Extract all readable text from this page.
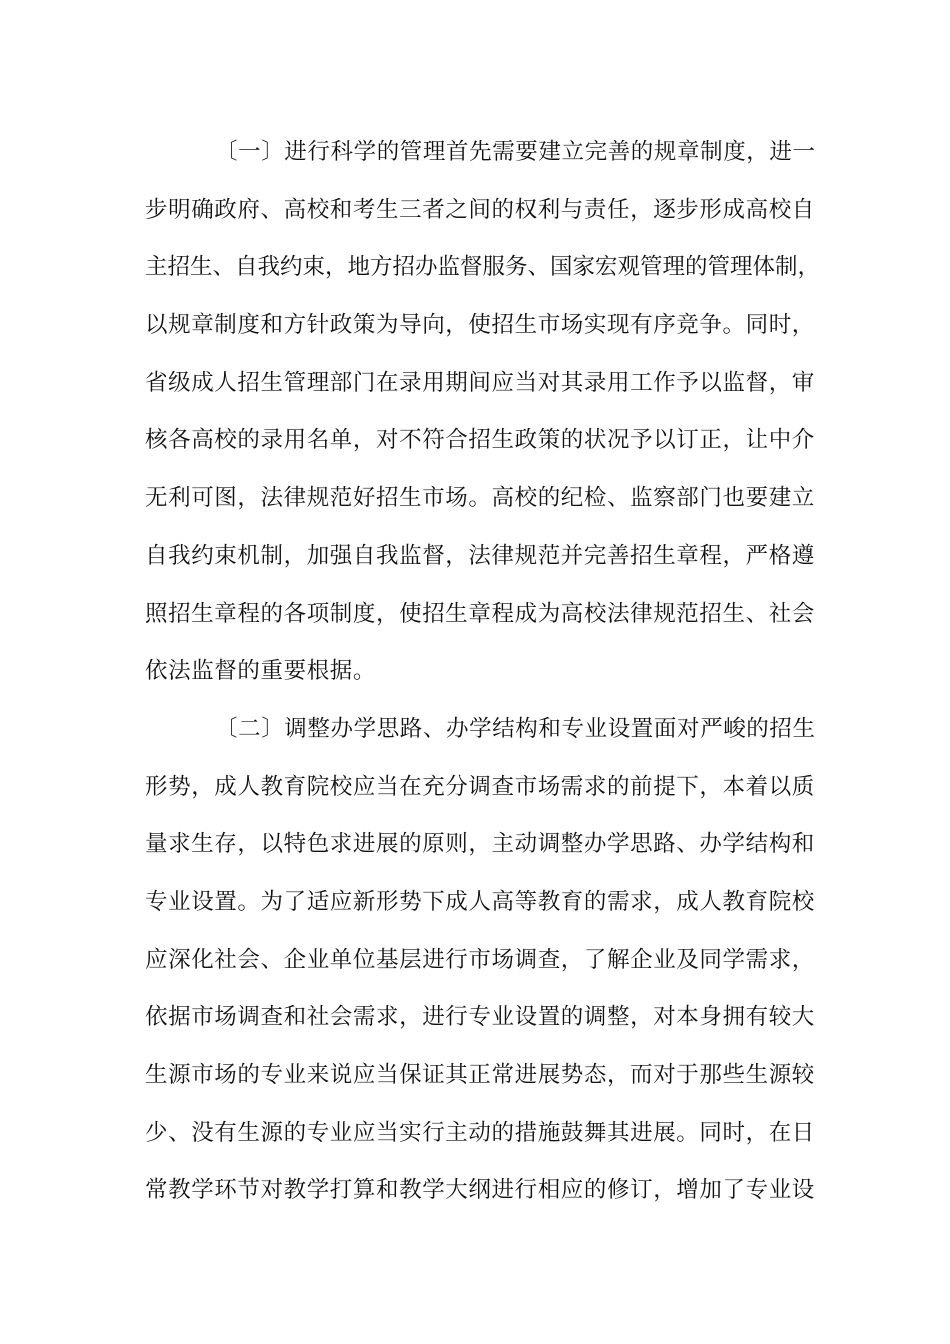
〔一〕进行科学的管理首先需要建立完善的规章制度，进一
步明确政府、高校和考生三者之间的权利与责任，逐步形成高校自
主招生、自我约束，地方招办监督服务、国家宏观管理的管理体制，
以规章制度和方针政策为导向，使招生市场实现有序竞争。同时，
省级成人招生管理部门在录用期间应当对其录用工作予以监督，审
核各高校的录用名单，对不符合招生政策的状况予以订正，让中介
无利可图，法律规范好招生市场。高校的纪检、监察部门也要建立
自我约束机制，加强自我监督，法律规范并完善招生章程，严格遵
照招生章程的各项制度，使招生章程成为高校法律规范招生、社会
依法监督的重要根据。
〔二〕调整办学思路、办学结构和专业设置面对严峻的招生
形势，成人教育院校应当在充分调查市场需求的前提下，本着以质
量求生存，以特色求进展的原则，主动调整办学思路、办学结构和
专业设置。为了适应新形势下成人高等教育的需求，成人教育院校
应深化社会、企业单位基层进行市场调查，了解企业及同学需求，
依据市场调查和社会需求，进行专业设置的调整，对本身拥有较大
生源市场的专业来说应当保证其正常进展势态，而对于那些生源较
少、没有生源的专业应当实行主动的措施鼓舞其进展。同时，在日
常教学环节对教学打算和教学大纲进行相应的修订，增加了专业设
